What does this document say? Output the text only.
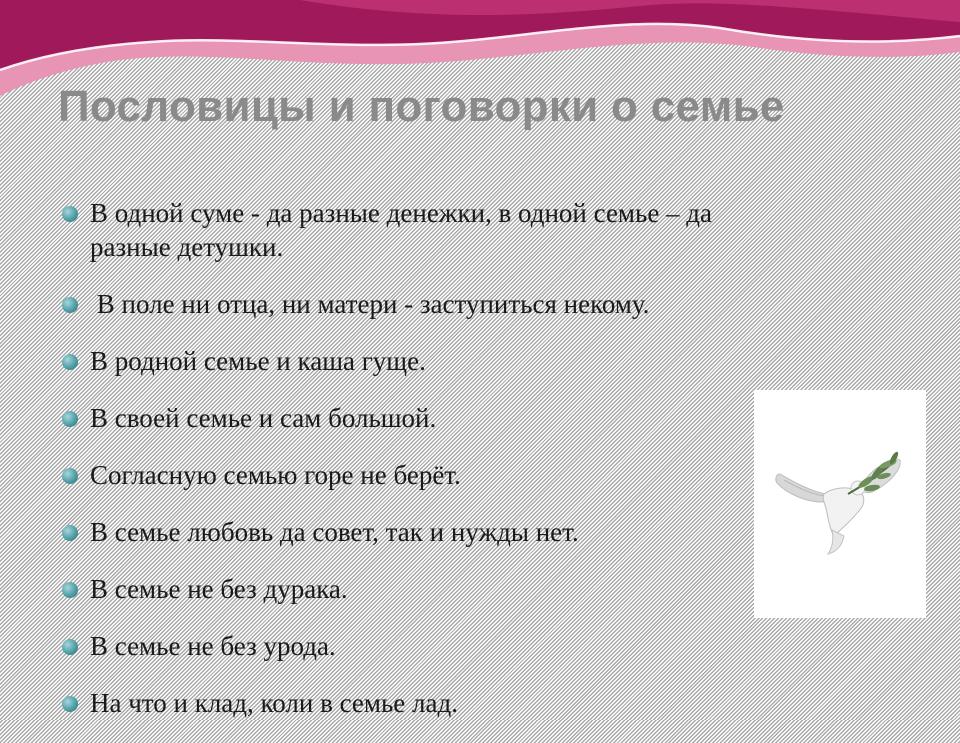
Пословицы и поговорки о семье
В одной суме - да разные денежки, в одной семье – да разные детушки.
В поле ни отца, ни матери - заступиться некому.
В родной семье и каша гуще.
В своей семье и сам большой.
Согласную семью горе не берёт.
В семье любовь да совет, так и нужды нет.
В семье не без дурака.
В семье не без урода.
На что и клад, коли в семье лад.
